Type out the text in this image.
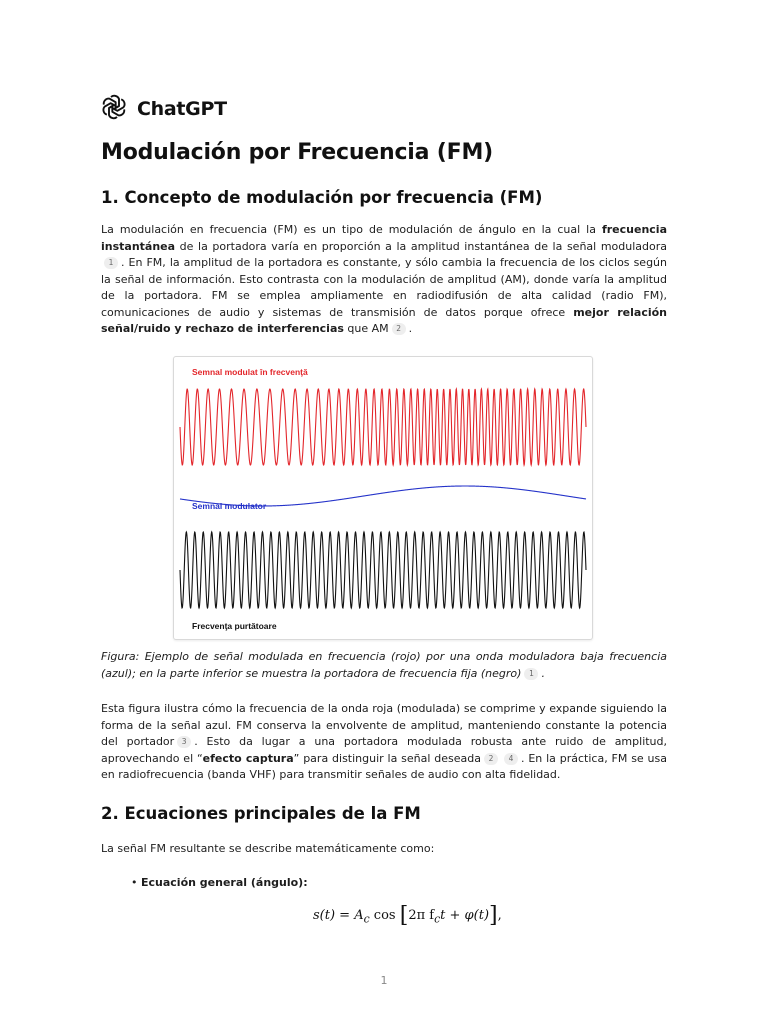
ChatGPT
Modulación por Frecuencia (FM)
1. Concepto de modulación por frecuencia (FM)

La modulación en frecuencia (FM) es un tipo de modulación de ángulo en la cual la frecuencia instantánea de la portadora varía en proporción a la amplitud instantánea de la señal moduladora1 . En FM, la amplitud de la portadora es constante, y sólo cambia la frecuencia de los ciclos según la señal de información. Esto contrasta con la modulación de amplitud (AM), donde varía la amplitud de la portadora. FM se emplea ampliamente en radiodifusión de alta calidad (radio FM), comunicaciones de audio y sistemas de transmisión de datos porque ofrece mejor relación señal/ruido y rechazo de interferencias que AM 2 .

Semnal modulat în frecvenţă
Semnal modulator
Frecvenţa purtătoare

Figura: Ejemplo de señal modulada en frecuencia (rojo) por una onda moduladora baja frecuencia (azul); en la parte inferior se muestra la portadora de frecuencia fija (negro) 1 .

Esta figura ilustra cómo la frecuencia de la onda roja (modulada) se comprime y expande siguiendo la forma de la señal azul. FM conserva la envolvente de amplitud, manteniendo constante la potencia del portador 3 . Esto da lugar a una portadora modulada robusta ante ruido de amplitud, aprovechando el “efecto captura” para distinguir la señal deseada 2 4 . En la práctica, FM se usa en radiofrecuencia (banda VHF) para transmitir señales de audio con alta fidelidad.

2. Ecuaciones principales de la FM

La señal FM resultante se describe matemáticamente como:

• Ecuación general (ángulo):
$s(t) = A_c$ cos [2π $f_ct + \varphi(t)$],
1
